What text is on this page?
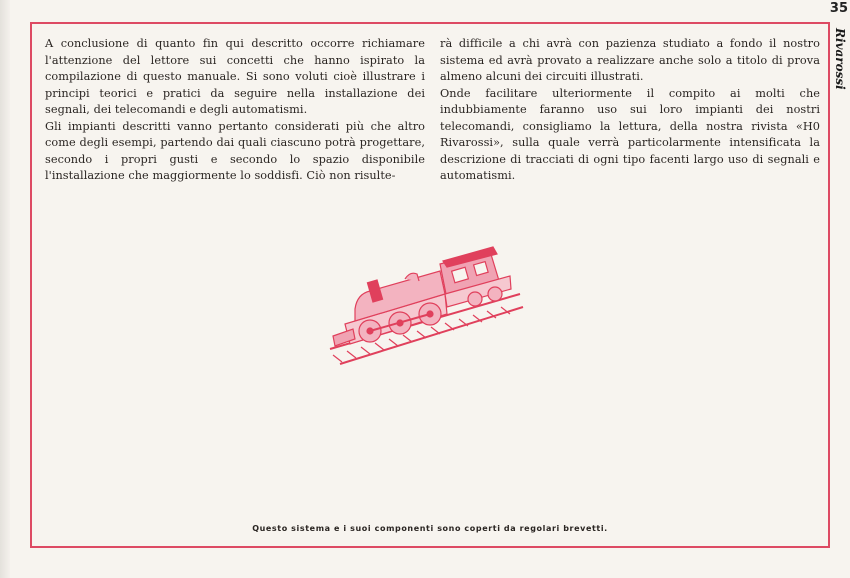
35
Rivarossi

A conclusione di quanto fin qui descritto occorre richiamare l'attenzione del lettore sui concetti che hanno ispirato la compilazione di questo manuale. Si sono voluti cioè illustrare i principi teorici e pratici da seguire nella installazione dei segnali, dei telecomandi e degli automatismi.

Gli impianti descritti vanno pertanto considerati più che altro come degli esempi, partendo dai quali ciascuno potrà progettare, secondo i propri gusti e secondo lo spazio disponibile l'installazione che maggiormente lo soddisfi. Ciò non risulte-

rà difficile a chi avrà con pazienza studiato a fondo il nostro sistema ed avrà provato a realizzare anche solo a titolo di prova almeno alcuni dei circuiti illustrati.

Onde facilitare ulteriormente il compito ai molti che indubbiamente faranno uso sui loro impianti dei nostri telecomandi, consigliamo la lettura, della nostra rivista «H0 Rivarossi», sulla quale verrà particolarmente intensificata la descrizione di tracciati di ogni tipo facenti largo uso di segnali e automatismi.

Questo sistema e i suoi componenti sono coperti da regolari brevetti.
